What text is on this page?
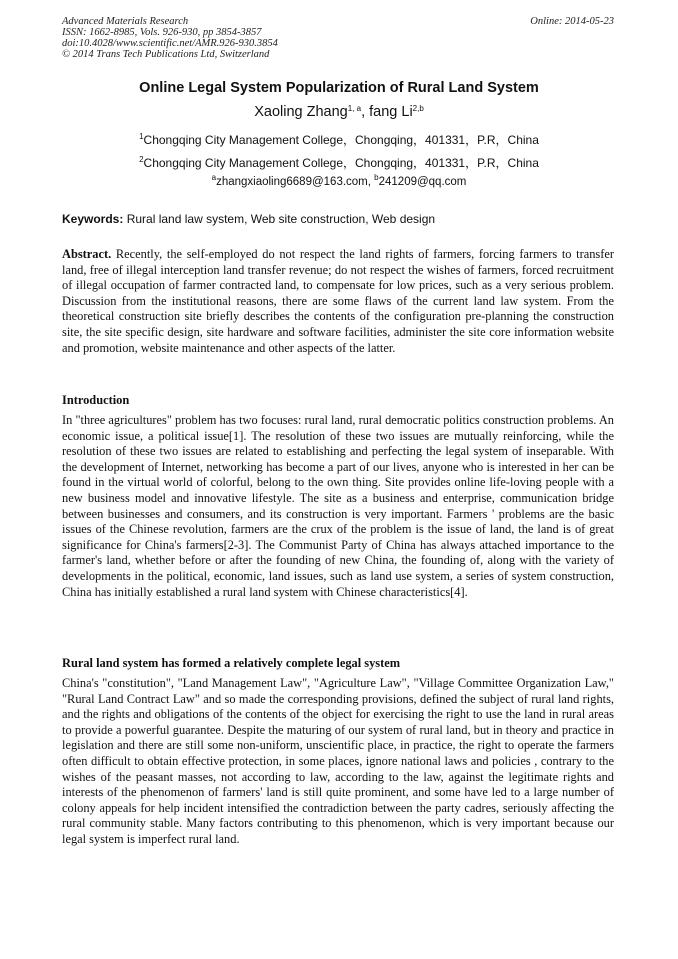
Advanced Materials Research
ISSN: 1662-8985, Vols. 926-930, pp 3854-3857
doi:10.4028/www.scientific.net/AMR.926-930.3854
© 2014 Trans Tech Publications Ltd, Switzerland
Online: 2014-05-23
Online Legal System Popularization of Rural Land System
Xaoling Zhang$^{1, a}$, fang Li$^{2,b}$
$^1$Chongqing City Management College，Chongqing，401331，P.R，China
$^2$Chongqing City Management College，Chongqing，401331，P.R，China
$^a$zhangxiaoling6689@163.com, $^b$241209@qq.com
Keywords: Rural land law system, Web site construction, Web design

Abstract. Recently, the self-employed do not respect the land rights of farmers, forcing farmers to transfer land, free of illegal interception land transfer revenue; do not respect the wishes of farmers, forced recruitment of illegal occupation of farmer contracted land, to compensate for low prices, such as a very serious problem. Discussion from the institutional reasons, there are some flaws of the current land law system. From the theoretical construction site briefly describes the contents of the configuration pre-planning the construction site, the site specific design, site hardware and software facilities, administer the site core information website and promotion, website maintenance and other aspects of the latter.

Introduction

In "three agricultures" problem has two focuses: rural land, rural democratic politics construction problems. An economic issue, a political issue[1]. The resolution of these two issues are mutually reinforcing, while the resolution of these two issues are related to establishing and perfecting the legal system of inseparable. With the development of Internet, networking has become a part of our lives, anyone who is interested in her can be found in the virtual world of colorful, belong to the own thing. Site provides online life-loving people with a new business model and innovative lifestyle. The site as a business and enterprise, communication bridge between businesses and consumers, and its construction is very important. Farmers ' problems are the basic issues of the Chinese revolution, farmers are the crux of the problem is the issue of land, the land is of great significance for China's farmers[2-3]. The Communist Party of China has always attached importance to the farmer's land, whether before or after the founding of new China, the founding of, along with the variety of developments in the political, economic, land issues, such as land use system, a series of system construction, China has initially established a rural land system with Chinese characteristics[4].

Rural land system has formed a relatively complete legal system

China's "constitution", "Land Management Law", "Agriculture Law", "Village Committee Organization Law," "Rural Land Contract Law" and so made the corresponding provisions, defined the subject of rural land rights, and the rights and obligations of the contents of the object for exercising the right to use the land in rural areas to provide a powerful guarantee. Despite the maturing of our system of rural land, but in theory and practice in legislation and there are still some non-uniform, unscientific place, in practice, the right to operate the farmers often difficult to obtain effective protection, in some places, ignore national laws and policies , contrary to the wishes of the peasant masses, not according to law, according to the law, against the legitimate rights and interests of the phenomenon of farmers' land is still quite prominent, and some have led to a large number of colony appeals for help incident intensified the contradiction between the party cadres, seriously affecting the rural community stable. Many factors contributing to this phenomenon, which is very important because our legal system is imperfect rural land.
